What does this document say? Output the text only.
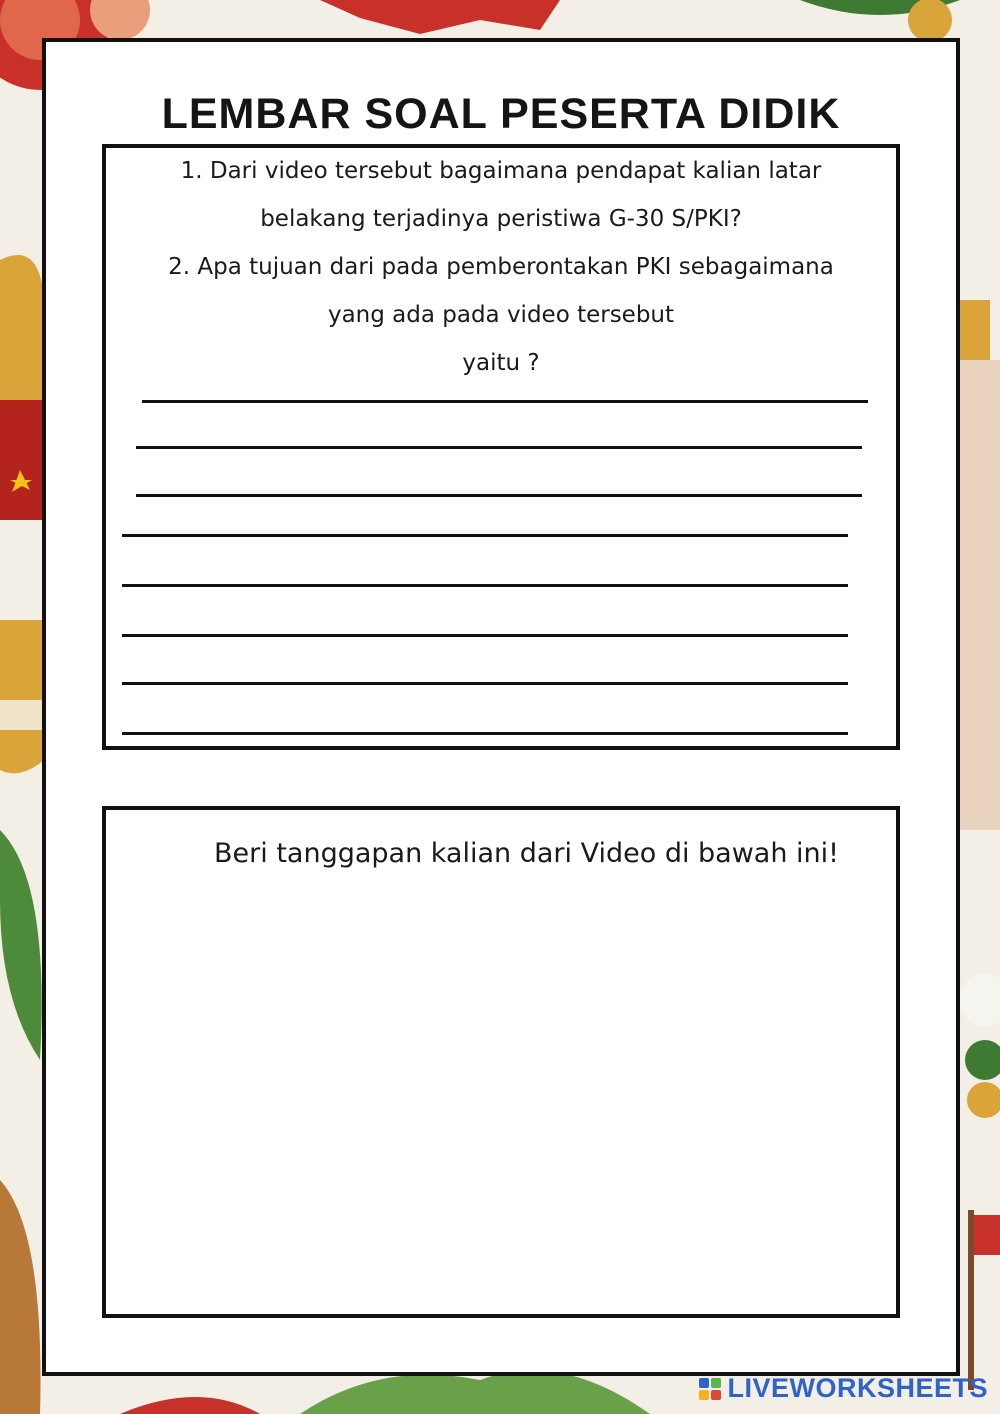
LEMBAR SOAL PESERTA DIDIK
1. Dari video tersebut bagaimana pendapat kalian latar
belakang terjadinya peristiwa G-30 S/PKI?
2. Apa tujuan dari pada pemberontakan PKI sebagaimana
yang ada pada video tersebut
yaitu ?
Beri tanggapan kalian dari Video di bawah ini!
LIVEWORKSHEETS
